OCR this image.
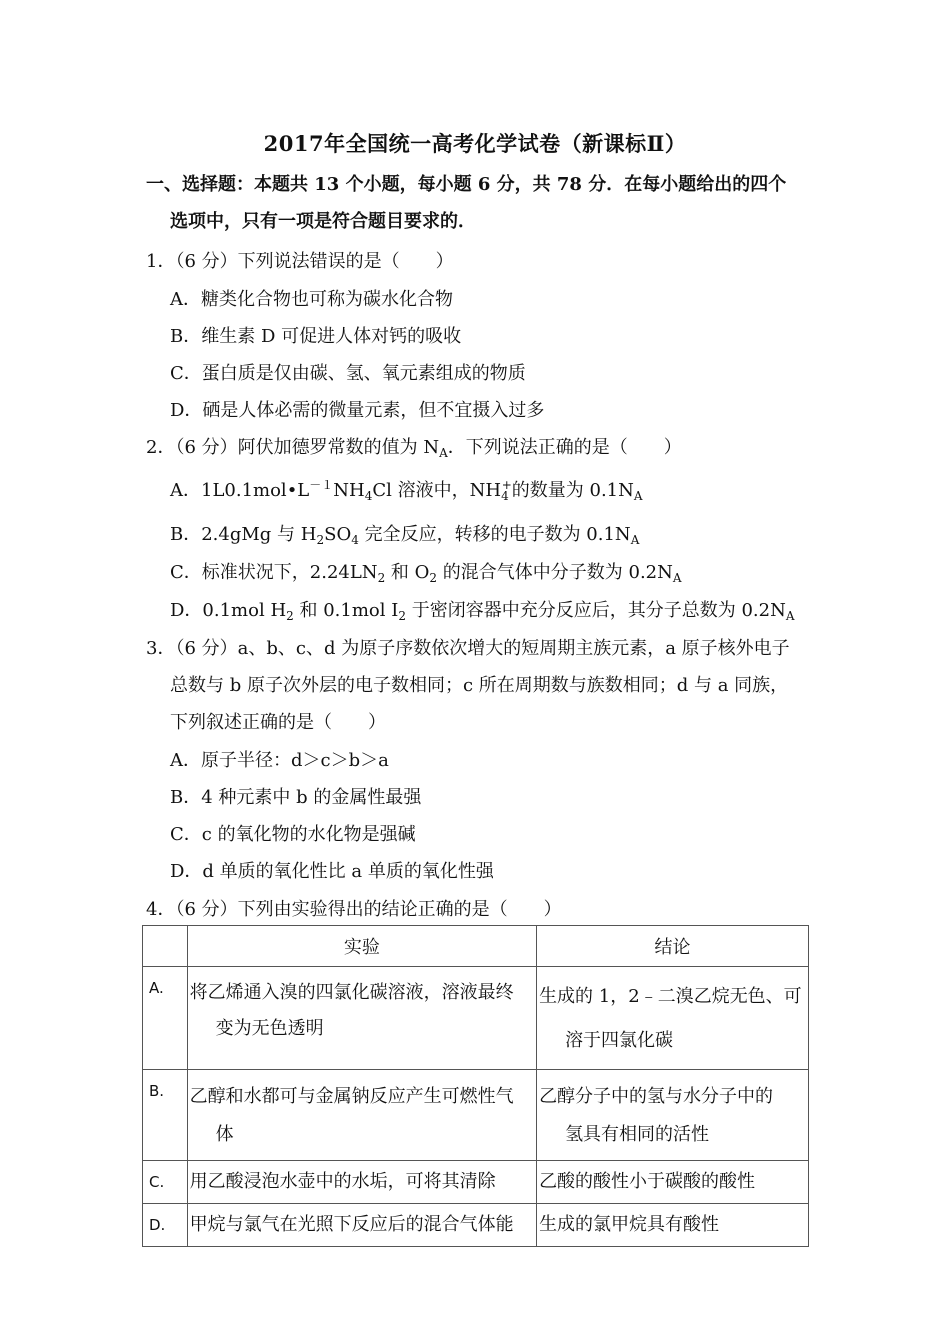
2017年全国统一高考化学试卷（新课标Ⅱ）
一、选择题：本题共 13 个小题，每小题 6 分，共 78 分．在每小题给出的四个
选项中，只有一项是符合题目要求的．
1．（6 分）下列说法错误的是（　　）
A．糖类化合物也可称为碳水化合物
B．维生素 D 可促进人体对钙的吸收
C．蛋白质是仅由碳、氢、氧元素组成的物质
D．硒是人体必需的微量元素，但不宜摄入过多
2．（6 分）阿伏加德罗常数的值为 $N_A$．下列说法正确的是（　　）
A．$1L0.1mol•L^{-1}NH_4Cl$ 溶液中，$NH_4^+$的数量为 $0.1N_A$
B．2.4gMg 与 $H_2SO_4$ 完全反应，转移的电子数为 $0.1N_A$
C．标准状况下，$2.24LN_2$ 和 $O_2$ 的混合气体中分子数为 $0.2N_A$
D．0.1mol $H_2$ 和 0.1mol $I_2$ 于密闭容器中充分反应后，其分子总数为 $0.2N_A$
3．（6 分）a、b、c、d 为原子序数依次增大的短周期主族元素，a 原子核外电子
总数与 b 原子次外层的电子数相同；c 所在周期数与族数相同；d 与 a 同族，
下列叙述正确的是（　　）
A．原子半径：d＞c＞b＞a
B．4 种元素中 b 的金属性最强
C．c 的氧化物的水化物是强碱
D．d 单质的氧化性比 a 单质的氧化性强
4．（6 分）下列由实验得出的结论正确的是（　　）
	实验	结论

A.	将乙烯通入溴的四氯化碳溶液，溶液最终
变为无色透明	生成的 1，2﹣二溴乙烷无色、可
溶于四氯化碳

B.	乙醇和水都可与金属钠反应产生可燃性气
体	乙醇分子中的氢与水分子中的
氢具有相同的活性

C.	用乙酸浸泡水壶中的水垢，可将其清除	乙酸的酸性小于碳酸的酸性

D.	甲烷与氯气在光照下反应后的混合气体能	生成的氯甲烷具有酸性
